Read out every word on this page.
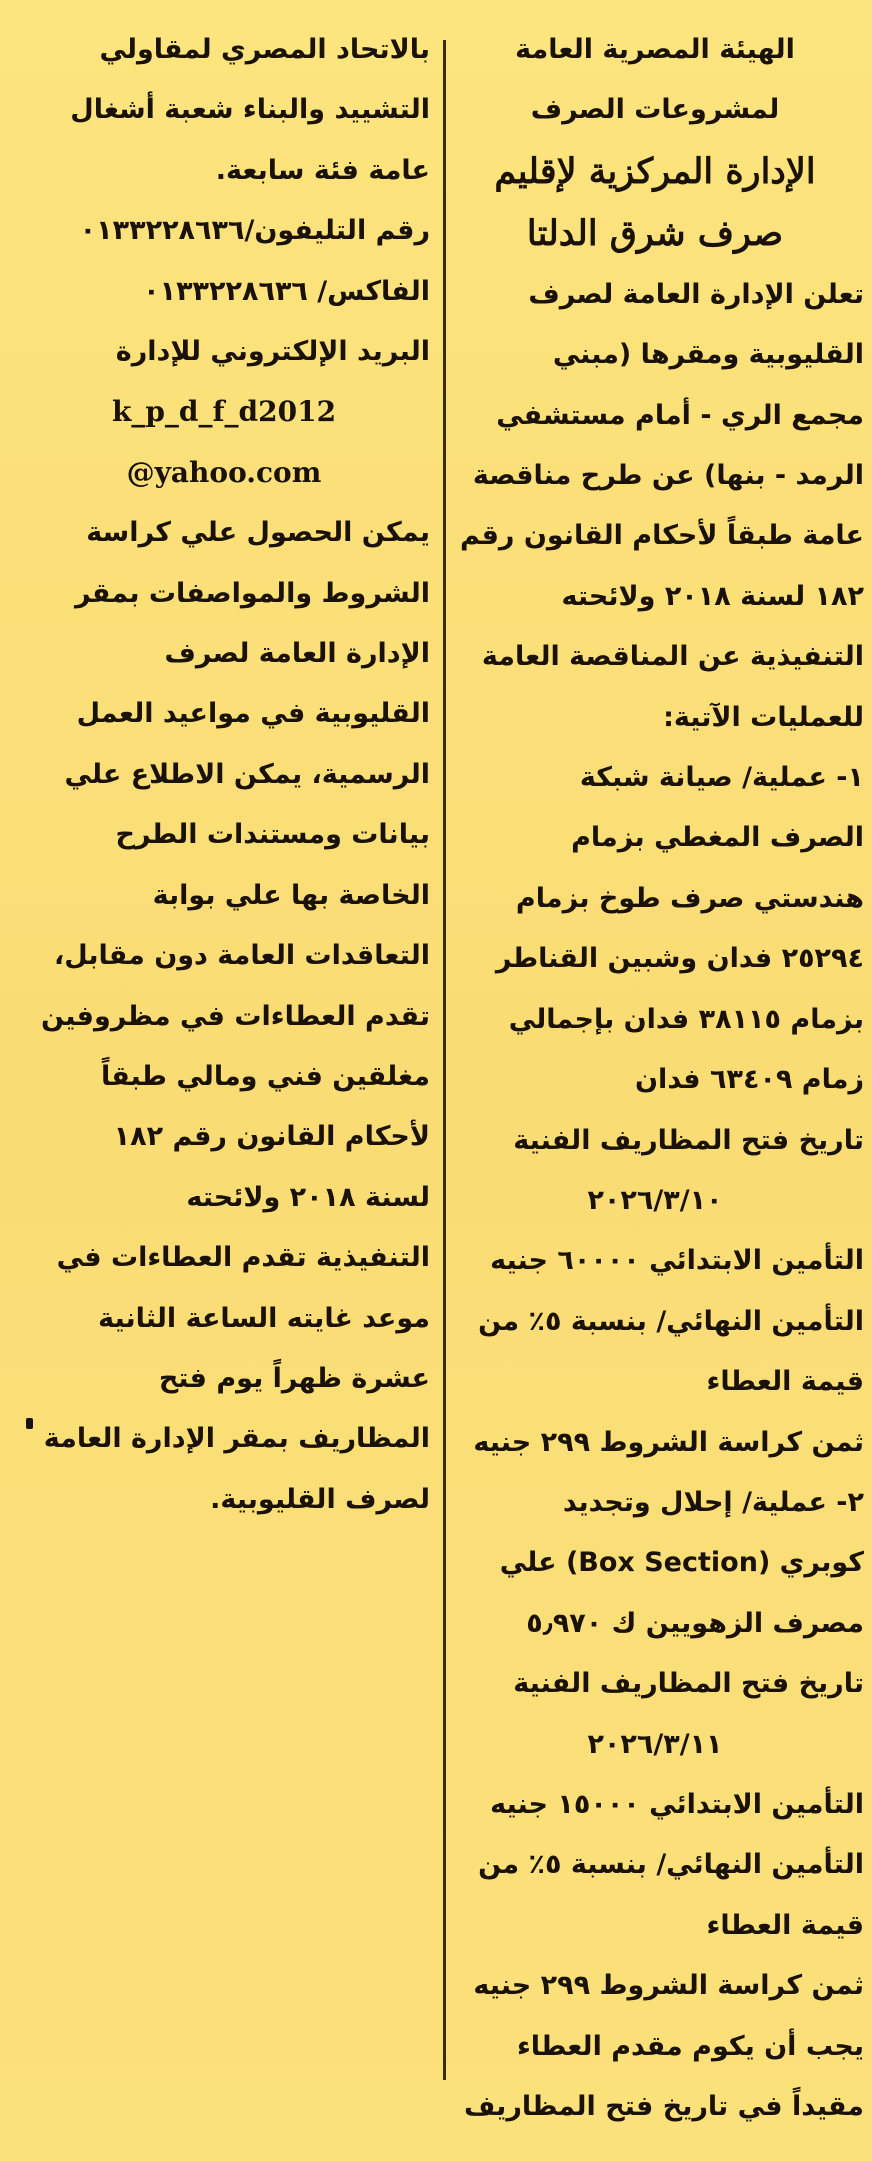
الهيئة المصرية العامة
لمشروعات الصرف
الإدارة المركزية لإقليم
صرف شرق الدلتا
تعلن الإدارة العامة لصرف
القليوبية ومقرها (مبني
مجمع الري - أمام مستشفي
الرمد - بنها) عن طرح مناقصة
عامة طبقاً لأحكام القانون رقم
١٨٢ لسنة ٢٠١٨ ولائحته
التنفيذية عن المناقصة العامة
للعمليات الآتية:
١- عملية/ صيانة شبكة
الصرف المغطي بزمام
هندستي صرف طوخ بزمام
٢٥٢٩٤ فدان وشبين القناطر
بزمام ٣٨١١٥ فدان بإجمالي
زمام ٦٣٤٠٩ فدان
تاريخ فتح المظاريف الفنية
٢٠٢٦/٣/١٠
التأمين الابتدائي ٦٠٠٠٠ جنيه
التأمين النهائي/ بنسبة ٥٪ من
قيمة العطاء
ثمن كراسة الشروط ٢٩٩ جنيه
٢- عملية/ إحلال وتجديد
كوبري (Box Section) علي
مصرف الزهويين ك ٥٫٩٧٠
تاريخ فتح المظاريف الفنية
٢٠٢٦/٣/١١
التأمين الابتدائي ١٥٠٠٠ جنيه
التأمين النهائي/ بنسبة ٥٪ من
قيمة العطاء
ثمن كراسة الشروط ٢٩٩ جنيه
يجب أن يكوم مقدم العطاء
مقيداً في تاريخ فتح المظاريف
بالاتحاد المصري لمقاولي
التشييد والبناء شعبة أشغال
عامة فئة سابعة.
رقم التليفون/٠١٣٣٢٢٨٦٣٦
الفاكس/ ٠١٣٣٢٢٨٦٣٦
البريد الإلكتروني للإدارة
k_p_d_f_d2012
@yahoo.com
يمكن الحصول علي كراسة
الشروط والمواصفات بمقر
الإدارة العامة لصرف
القليوبية في مواعيد العمل
الرسمية، يمكن الاطلاع علي
بيانات ومستندات الطرح
الخاصة بها علي بوابة
التعاقدات العامة دون مقابل،
تقدم العطاءات في مظروفين
مغلقين فني ومالي طبقاً
لأحكام القانون رقم ١٨٢
لسنة ٢٠١٨ ولائحته
التنفيذية تقدم العطاءات في
موعد غايته الساعة الثانية
عشرة ظهراً يوم فتح
المظاريف بمقر الإدارة العامة
لصرف القليوبية.
